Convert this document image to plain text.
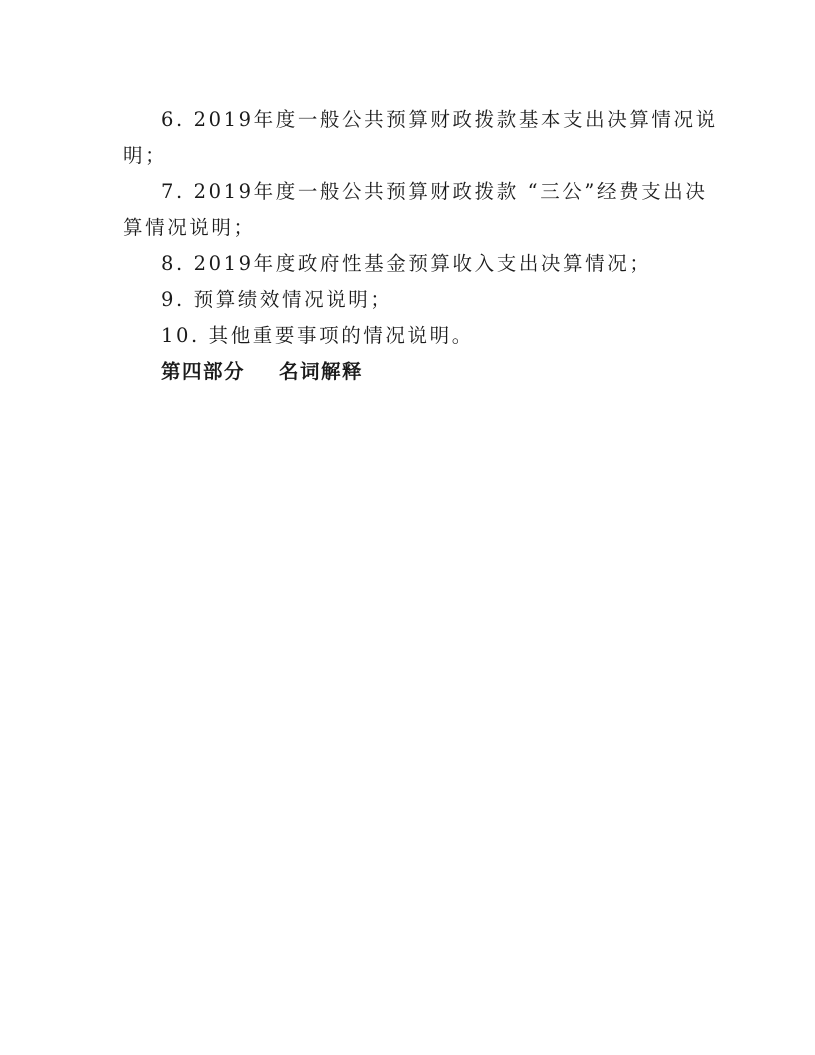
6. 2019年度一般公共预算财政拨款基本支出决算情况说
明；
7. 2019年度一般公共预算财政拨款 “三公”经费支出决
算情况说明；
8. 2019年度政府性基金预算收入支出决算情况；
9. 预算绩效情况说明；
10. 其他重要事项的情况说明。
第四部分 名词解释
